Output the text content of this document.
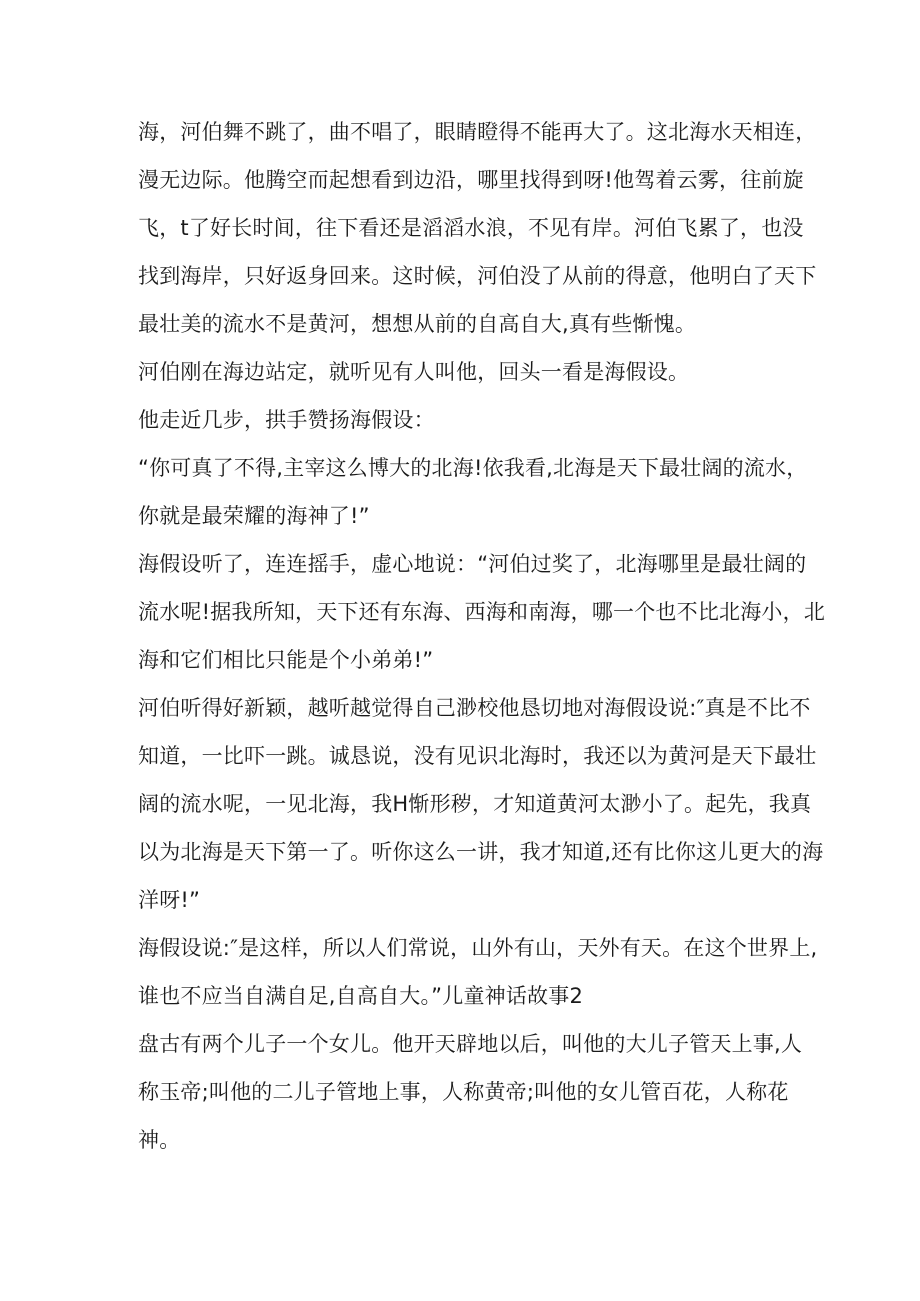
海，河伯舞不跳了，曲不唱了，眼睛瞪得不能再大了。这北海水天相连，
漫无边际。他腾空而起想看到边沿，哪里找得到呀!他驾着云雾，往前旋
飞，t了好长时间，往下看还是滔滔水浪，不见有岸。河伯飞累了，也没
找到海岸，只好返身回来。这时候，河伯没了从前的得意，他明白了天下
最壮美的流水不是黄河，想想从前的自高自大,真有些惭愧。
河伯刚在海边站定，就听见有人叫他，回头一看是海假设。
他走近几步，拱手赞扬海假设：
“你可真了不得,主宰这么博大的北海!依我看,北海是天下最壮阔的流水，
你就是最荣耀的海神了!”
海假设听了，连连摇手，虚心地说：“河伯过奖了，北海哪里是最壮阔的
流水呢!据我所知，天下还有东海、西海和南海，哪一个也不比北海小，北
海和它们相比只能是个小弟弟!”
河伯听得好新颖，越听越觉得自己渺校他恳切地对海假设说:″真是不比不
知道，一比吓一跳。诚恳说，没有见识北海时，我还以为黄河是天下最壮
阔的流水呢，一见北海，我H惭形秽，才知道黄河太渺小了。起先，我真
以为北海是天下第一了。听你这么一讲，我才知道,还有比你这儿更大的海
洋呀!”
海假设说:″是这样，所以人们常说，山外有山，天外有天。在这个世界上,
谁也不应当自满自足,自高自大。”儿童神话故事2
盘古有两个儿子一个女儿。他开天辟地以后，叫他的大儿子管天上事,人
称玉帝;叫他的二儿子管地上事，人称黄帝;叫他的女儿管百花，人称花
神。
